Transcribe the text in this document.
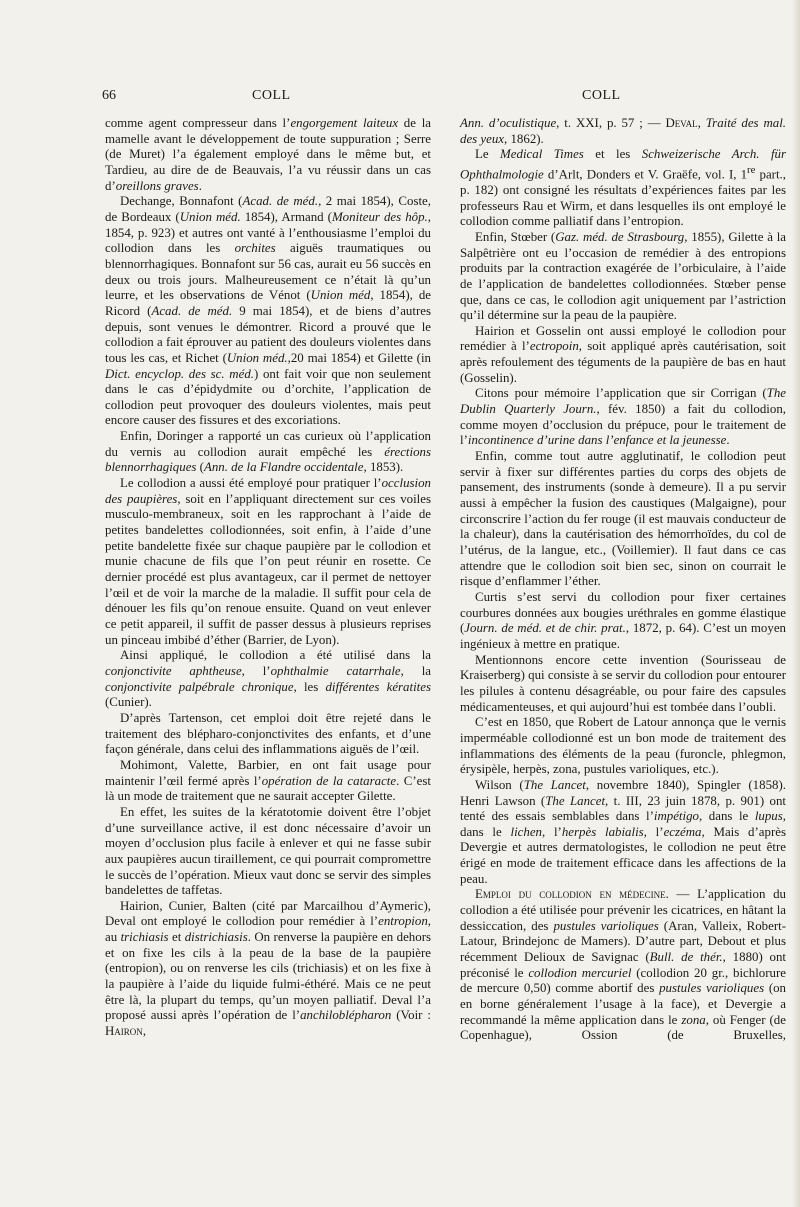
66	COLL	COLL

comme agent compresseur dans l’engorgement laiteux de la mamelle avant le développement de toute suppuration ; Serre (de Muret) l’a également employé dans le même but, et Tardieu, au dire de de Beauvais, l’a vu réussir dans un cas d’oreillons graves.

Dechange, Bonnafont (Acad. de méd., 2 mai 1854), Coste, de Bordeaux (Union méd. 1854), Armand (Moniteur des hôp., 1854, p. 923) et autres ont vanté à l’enthousiasme l’emploi du collodion dans les orchites aiguës traumatiques ou blennorrhagiques. Bonnafont sur 56 cas, aurait eu 56 succès en deux ou trois jours. Malheureusement ce n’était là qu’un leurre, et les observations de Vénot (Union méd, 1854), de Ricord (Acad. de méd. 9 mai 1854), et de biens d’autres depuis, sont venues le démontrer. Ricord a prouvé que le collodion a fait éprouver au patient des douleurs violentes dans tous les cas, et Richet (Union méd.,20 mai 1854) et Gilette (in Dict. encyclop. des sc. méd.) ont fait voir que non seulement dans le cas d’épidydmite ou d’orchite, l’application de collodion peut provoquer des douleurs violentes, mais peut encore causer des fissures et des excoriations.

Enfin, Doringer a rapporté un cas curieux où l’application du vernis au collodion aurait empêché les érections blennorrhagiques (Ann. de la Flandre occidentale, 1853).

Le collodion a aussi été employé pour pratiquer l’occlusion des paupières, soit en l’appliquant directement sur ces voiles musculo-membraneux, soit en les rapprochant à l’aide de petites bandelettes collodionnées, soit enfin, à l’aide d’une petite bandelette fixée sur chaque paupière par le collodion et munie chacune de fils que l’on peut réunir en rosette. Ce dernier procédé est plus avantageux, car il permet de nettoyer l’œil et de voir la marche de la maladie. Il suffit pour cela de dénouer les fils qu’on renoue ensuite. Quand on veut enlever ce petit appareil, il suffit de passer dessus à plusieurs reprises un pinceau imbibé d’éther (Barrier, de Lyon).

Ainsi appliqué, le collodion a été utilisé dans la conjonctivite aphtheuse, l’ophthalmie catarrhale, la conjonctivite palpébrale chronique, les différentes kératites (Cunier).

D’après Tartenson, cet emploi doit être rejeté dans le traitement des blépharo-conjonctivites des enfants, et d’une façon générale, dans celui des inflammations aiguës de l’œil.

Mohimont, Valette, Barbier, en ont fait usage pour maintenir l’œil fermé après l’opération de la cataracte. C’est là un mode de traitement que ne saurait accepter Gilette.

En effet, les suites de la kératotomie doivent être l’objet d’une surveillance active, il est donc nécessaire d’avoir un moyen d’occlusion plus facile à enlever et qui ne fasse subir aux paupières aucun tiraillement, ce qui pourrait compromettre le succès de l’opération. Mieux vaut donc se servir des simples bandelettes de taffetas.

Hairion, Cunier, Balten (cité par Marcailhou d’Aymeric), Deval ont employé le collodion pour remédier à l’entropion, au trichiasis et districhiasis. On renverse la paupière en dehors et on fixe les cils à la peau de la base de la paupière (entropion), ou on renverse les cils (trichiasis) et on les fixe à la paupière à l’aide du liquide fulmi-éthéré. Mais ce ne peut être là, la plupart du temps, qu’un moyen palliatif. Deval l’a proposé aussi après l’opération de l’anchiloblépharon (Voir : Hairon,

Ann. d’oculistique, t. XXI, p. 57 ; — Deval, Traité des mal. des yeux, 1862).

Le Medical Times et les Schweizerische Arch. für Ophthalmologie d’Arlt, Donders et V. Graëfe, vol. I, 1re part., p. 182) ont consigné les résultats d’expériences faites par les professeurs Rau et Wirm, et dans lesquelles ils ont employé le collodion comme palliatif dans l’entropion.

Enfin, Stœber (Gaz. méd. de Strasbourg, 1855), Gilette à la Salpêtrière ont eu l’occasion de remédier à des entropions produits par la contraction exagérée de l’orbiculaire, à l’aide de l’application de bandelettes collodionnées. Stœber pense que, dans ce cas, le collodion agit uniquement par l’astriction qu’il détermine sur la peau de la paupière.

Hairion et Gosselin ont aussi employé le collodion pour remédier à l’ectropoin, soit appliqué après cautérisation, soit après refoulement des téguments de la paupière de bas en haut (Gosselin).

Citons pour mémoire l’application que sir Corrigan (The Dublin Quarterly Journ., fév. 1850) a fait du collodion, comme moyen d’occlusion du prépuce, pour le traitement de l’incontinence d’urine dans l’enfance et la jeunesse.

Enfin, comme tout autre agglutinatif, le collodion peut servir à fixer sur différentes parties du corps des objets de pansement, des instruments (sonde à demeure). Il a pu servir aussi à empêcher la fusion des caustiques (Malgaigne), pour circonscrire l’action du fer rouge (il est mauvais conducteur de la chaleur), dans la cautérisation des hémorrhoïdes, du col de l’utérus, de la langue, etc., (Voillemier). Il faut dans ce cas attendre que le collodion soit bien sec, sinon on courrait le risque d’enflammer l’éther.

Curtis s’est servi du collodion pour fixer certaines courbures données aux bougies uréthrales en gomme élastique (Journ. de méd. et de chir. prat., 1872, p. 64). C’est un moyen ingénieux à mettre en pratique.

Mentionnons encore cette invention (Sourisseau de Kraiserberg) qui consiste à se servir du collodion pour entourer les pilules à contenu désagréable, ou pour faire des capsules médicamenteuses, et qui aujourd’hui est tombée dans l’oubli.

C’est en 1850, que Robert de Latour annonça que le vernis imperméable collodionné est un bon mode de traitement des inflammations des éléments de la peau (furoncle, phlegmon, érysipèle, herpès, zona, pustules varioliques, etc.).

Wilson (The Lancet, novembre 1840), Spingler (1858). Henri Lawson (The Lancet, t. III, 23 juin 1878, p. 901) ont tenté des essais semblables dans l’impétigo, dans le lupus, dans le lichen, l’herpès labialis, l’eczéma, Mais d’après Devergie et autres dermatologistes, le collodion ne peut être érigé en mode de traitement efficace dans les affections de la peau.

Emploi du collodion en médecine. — L’application du collodion a été utilisée pour prévenir les cicatrices, en hâtant la dessiccation, des pustules varioliques (Aran, Valleix, Robert-Latour, Brindejonc de Mamers). D’autre part, Debout et plus récemment Delioux de Savignac (Bull. de thér., 1880) ont préconisé le collodion mercuriel (collodion 20 gr., bichlorure de mercure 0,50) comme abortif des pustules varioliques (on en borne généralement l’usage à la face), et Devergie a recommandé la même application dans le zona, où Fenger (de Copenhague), Ossion (de Bruxelles,
